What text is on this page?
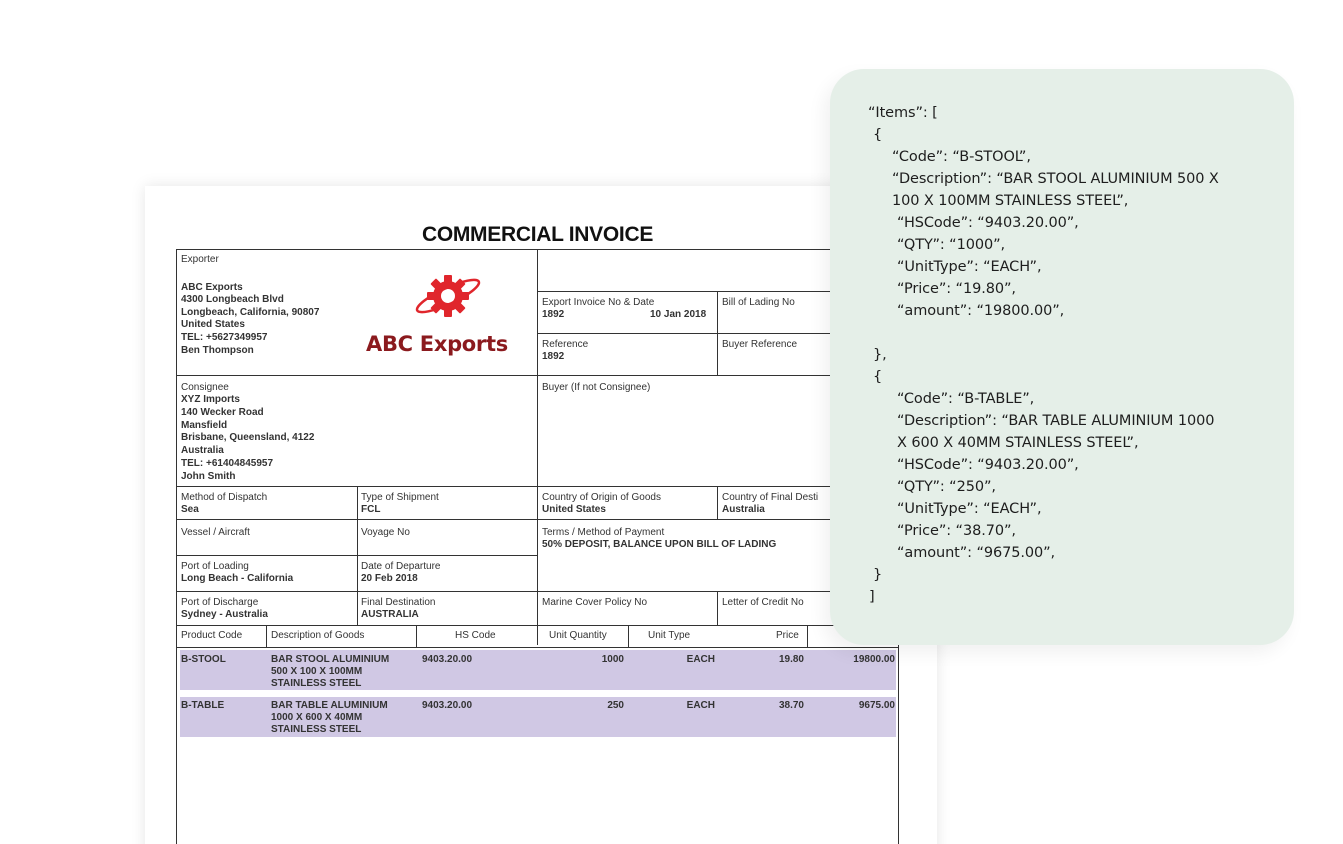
COMMERCIAL INVOICE
Exporter
ABC Exports
4300 Longbeach Blvd
Longbeach, California, 90807
United States
TEL: +5627349957
Ben Thompson	ABC Exports
Export Invoice No & Date
1892	10 Jan 2018
Bill of Lading No
Reference
1892
Buyer Reference
Consignee
XYZ Imports
140 Wecker Road
Mansfield
Brisbane, Queensland, 4122
Australia
TEL: +61404845957
John Smith
Buyer (If not Consignee)
Method of Dispatch
Sea
Type of Shipment
FCL
Country of Origin of Goods
United States
Country of Final Desti
Australia
Vessel / Aircraft	Voyage No	Terms / Method of Payment
50% DEPOSIT, BALANCE UPON BILL OF LADING
Port of Loading
Long Beach - California
Date of Departure
20 Feb 2018
Port of Discharge
Sydney - Australia
Final Destination
AUSTRALIA
Marine Cover Policy No	Letter of Credit No
Product Code	Description of Goods	HS Code	Unit Quantity	Unit Type	Price
B-STOOL	BAR STOOL ALUMINIUM
500 X 100 X 100MM
STAINLESS STEEL
9403.20.00	1000	EACH	19.80	19800.00
B-TABLE	BAR TABLE ALUMINIUM
1000 X 600 X 40MM
STAINLESS STEEL
9403.20.00	250	EACH	38.70	9675.00
“Items”: [
{
“Code”: “B-STOOL”,
“Description”: “BAR STOOL ALUMINIUM 500 X
100 X 100MM STAINLESS STEEL”,
“HSCode”: “9403.20.00”,
“QTY”: “1000”,
“UnitType”: “EACH”,
“Price”: “19.80”,
“amount”: “19800.00”,
},
{
“Code”: “B-TABLE”,
“Description”: “BAR TABLE ALUMINIUM 1000
X 600 X 40MM STAINLESS STEEL”,
“HSCode”: “9403.20.00”,
“QTY”: “250”,
“UnitType”: “EACH”,
“Price”: “38.70”,
“amount”: “9675.00”,
}
]
